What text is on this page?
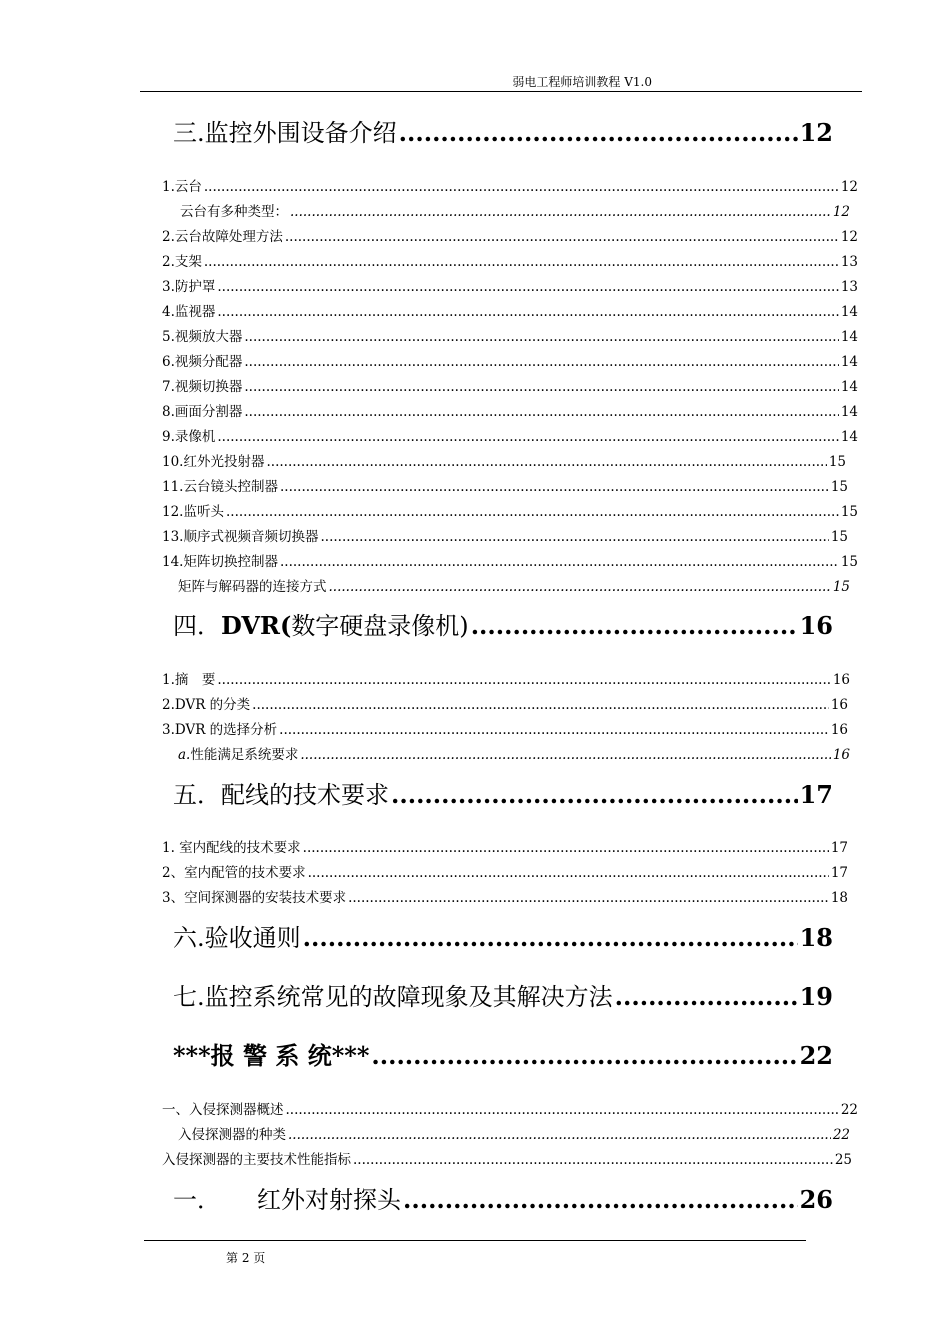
弱电工程师培训教程 V1.0
三.监控外围设备介绍 .....	12
1.云台 .....	12
云台有多种类型： .....	12
2.云台故障处理方法 .....	12
2.支架 .....	13
3.防护罩 .....	13
4.监视器 .....	14
5.视频放大器 .....	14
6.视频分配器 .....	14
7.视频切换器 .....	14
8.画面分割器 .....	14
9.录像机 .....	14
10.红外光投射器 .....	15
11.云台镜头控制器 .....	15
12.监听头 .....	15
13.顺序式视频音频切换器 .....	15
14.矩阵切换控制器 .....	15
矩阵与解码器的连接方式 .....	15
四．DVR(数字硬盘录像机) .....	16
1.摘　要 .....	16
2.DVR 的分类 .....	16
3.DVR 的选择分析 .....	16
a.性能满足系统要求 .....	16
五．配线的技术要求 .....	17
1. 室内配线的技术要求 .....	17
2、室内配管的技术要求 .....	17
3、空间探测器的安装技术要求 .....	18
六.验收通则 .....	18
七.监控系统常见的故障现象及其解决方法 .....	19
***报 警 系 统*** .....	22
一、入侵探测器概述 .....	22
入侵探测器的种类 .....	22
入侵探测器的主要技术性能指标 .....	25
一．　　红外对射探头 .....	26
第 2 页
